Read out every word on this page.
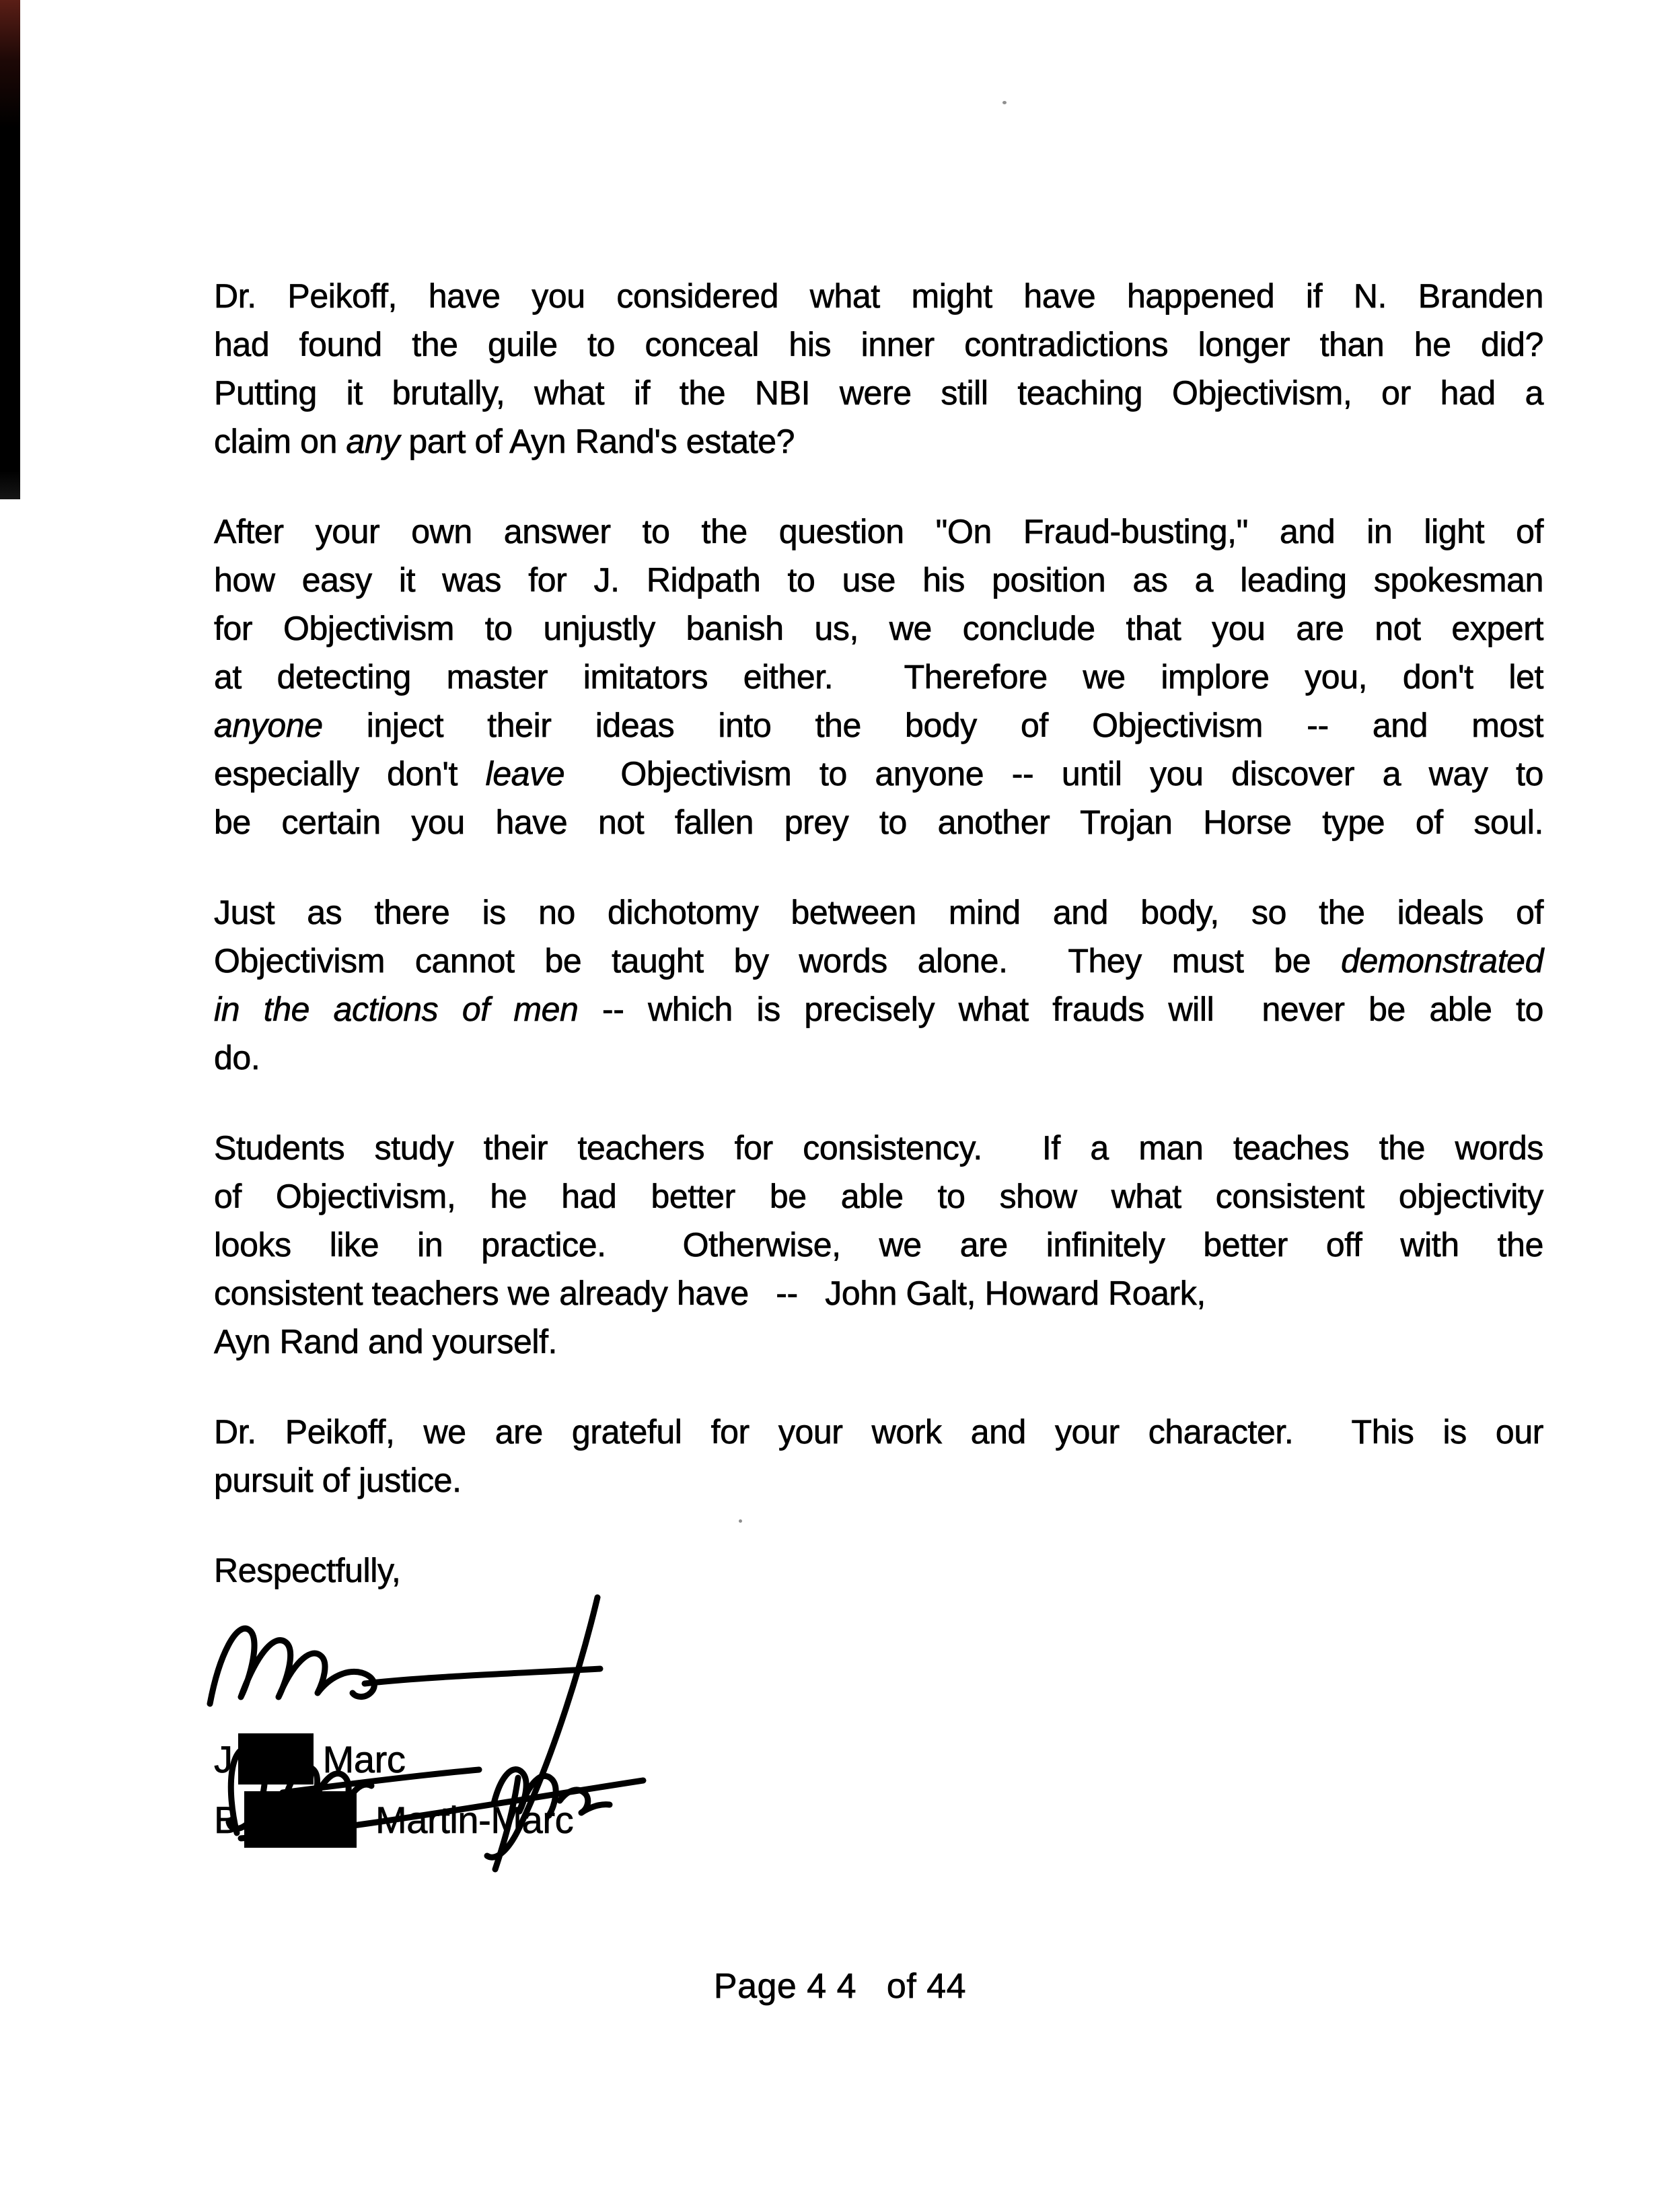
Dr. Peikoff, have you considered what might have happened if N. Branden
had found the guile to conceal his inner contradictions longer than he did?
Putting it brutally, what if the NBI were still teaching Objectivism, or had a
claim on any part of Ayn Rand's estate?
After your own answer to the question "On Fraud-busting," and in light of
how easy it was for J. Ridpath to use his position as a leading spokesman
for Objectivism to unjustly banish us, we conclude that you are not expert
at detecting master imitators either.  Therefore we implore you, don't let
anyone inject their ideas into the body of Objectivism -- and most
especially don't leave  Objectivism to anyone -- until you discover a way to
be certain you have not fallen prey to another Trojan Horse type of soul.
Just as there is no dichotomy between mind and body, so the ideals of
Objectivism cannot be taught by words alone.  They must be demonstrated
in the actions of men -- which is precisely what frauds will  never be able to
do.
Students study their teachers for consistency.  If a man teaches the words
of Objectivism, he had better be able to show what consistent objectivity
looks like in practice.  Otherwise, we are infinitely better off with the
consistent teachers we already have   --   John Galt, Howard Roark,
Ayn Rand and yourself.
Dr. Peikoff, we are grateful for your work and your character.  This is our
pursuit of justice.
Respectfully,
J Marc
B	Martin-Marc
Page 4 4   of 44
